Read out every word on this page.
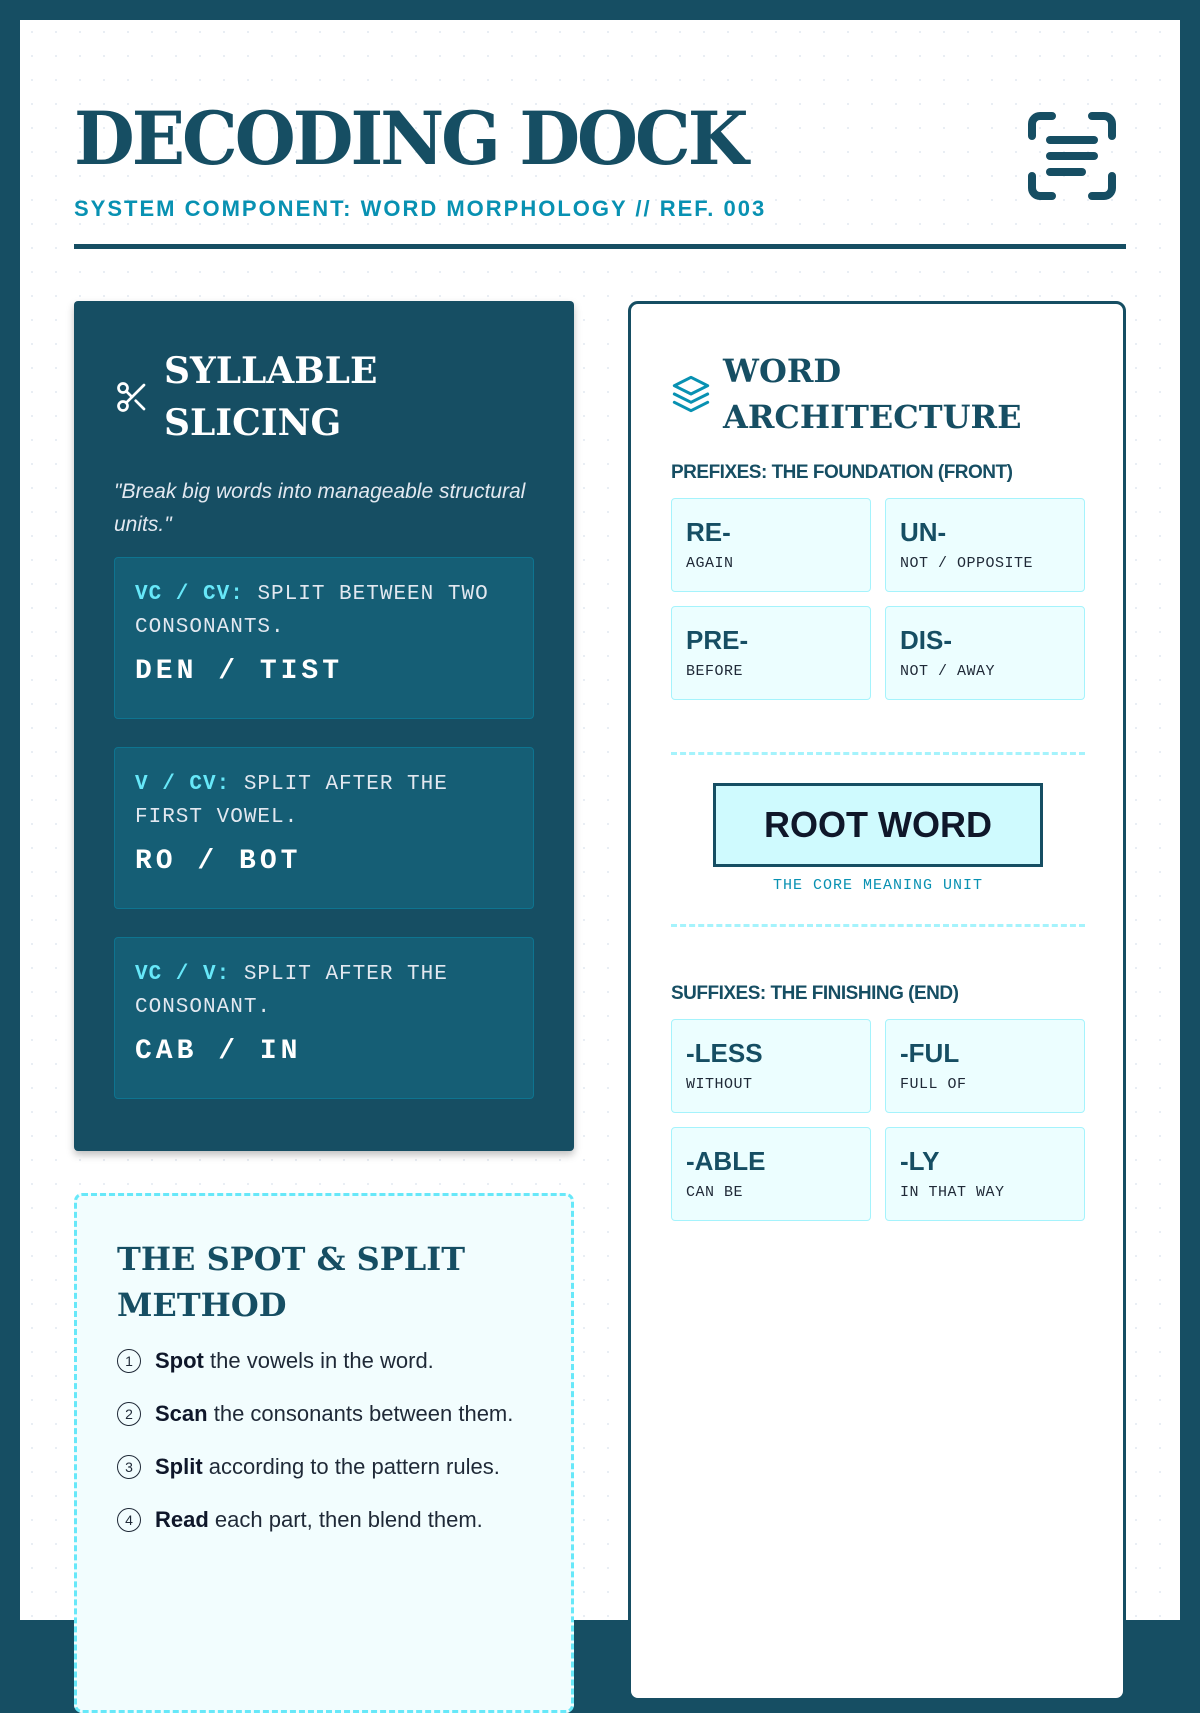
DECODING DOCK
SYSTEM COMPONENT: WORD MORPHOLOGY // REF. 003
SYLLABLE
SLICING
"Break big words into manageable structural units."
VC / CV: SPLIT BETWEEN TWO CONSONANTS.
DEN / TIST
V / CV: SPLIT AFTER THE FIRST VOWEL.
RO / BOT
VC / V: SPLIT AFTER THE CONSONANT.
CAB / IN
THE SPOT & SPLIT
METHOD
1	Spot the vowels in the word.
2	Scan the consonants between them.
3	Split according to the pattern rules.
4	Read each part, then blend them.
WORD
ARCHITECTURE
PREFIXES: THE FOUNDATION (FRONT)
RE-
AGAIN
UN-
NOT / OPPOSITE
PRE-
BEFORE
DIS-
NOT / AWAY
ROOT WORD
THE CORE MEANING UNIT
SUFFIXES: THE FINISHING (END)
-LESS
WITHOUT
-FUL
FULL OF
-ABLE
CAN BE
-LY
IN THAT WAY
